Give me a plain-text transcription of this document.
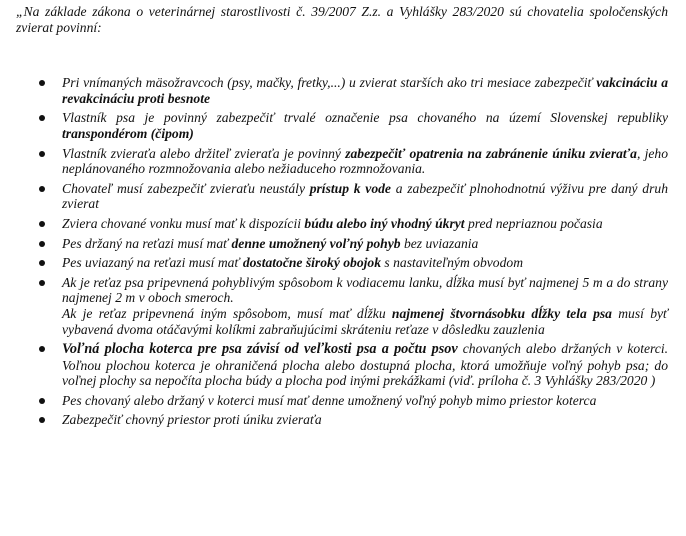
„Na základe zákona o veterinárnej starostlivosti č. 39/2007 Z.z. a Vyhlášky 283/2020 sú chovatelia spoločenských zvierat povinní:

Pri vnímaných mäsožravcoch (psy, mačky, fretky,...) u zvierat starších ako tri mesiace zabezpečiť vakcináciu a revakcináciu proti besnote

Vlastník psa je povinný zabezpečiť trvalé označenie psa chovaného na území Slovenskej republiky transpondérom (čipom)

Vlastník zvieraťa alebo držiteľ zvieraťa je povinný zabezpečiť opatrenia na zabránenie úniku zvieraťa, jeho neplánovaného rozmnožovania alebo nežiaduceho rozmnožovania.

Chovateľ musí zabezpečiť zvieraťu neustály prístup k vode a zabezpečiť plnohodnotnú výživu pre daný druh zvierat

Zviera chované vonku musí mať k dispozícii búdu alebo iný vhodný úkryt pred nepriaznou počasia

Pes držaný na reťazi musí mať denne umožnený voľný pohyb bez uviazania

Pes uviazaný na reťazi musí mať dostatočne široký obojok s nastaviteľným obvodom

Ak je reťaz psa pripevnená pohyblivým spôsobom k vodiacemu lanku, dĺžka musí byť najmenej 5 m a do strany najmenej 2 m v oboch smeroch.

Ak je reťaz pripevnená iným spôsobom, musí mať dĺžku najmenej štvornásobku dĺžky tela psa musí byť vybavená dvoma otáčavými kolíkmi zabraňujúcimi skráteniu reťaze v dôsledku zauzlenia

Voľná plocha koterca pre psa závisí od veľkosti psa a počtu psov chovaných alebo držaných v koterci. Voľnou plochou koterca je ohraničená plocha alebo dostupná plocha, ktorá umožňuje voľný pohyb psa; do voľnej plochy sa nepočíta plocha búdy a plocha pod inými prekážkami (viď. príloha č. 3 Vyhlášky 283/2020 )

Pes chovaný alebo držaný v koterci musí mať denne umožnený voľný pohyb mimo priestor koterca

Zabezpečiť chovný priestor proti úniku zvieraťa
